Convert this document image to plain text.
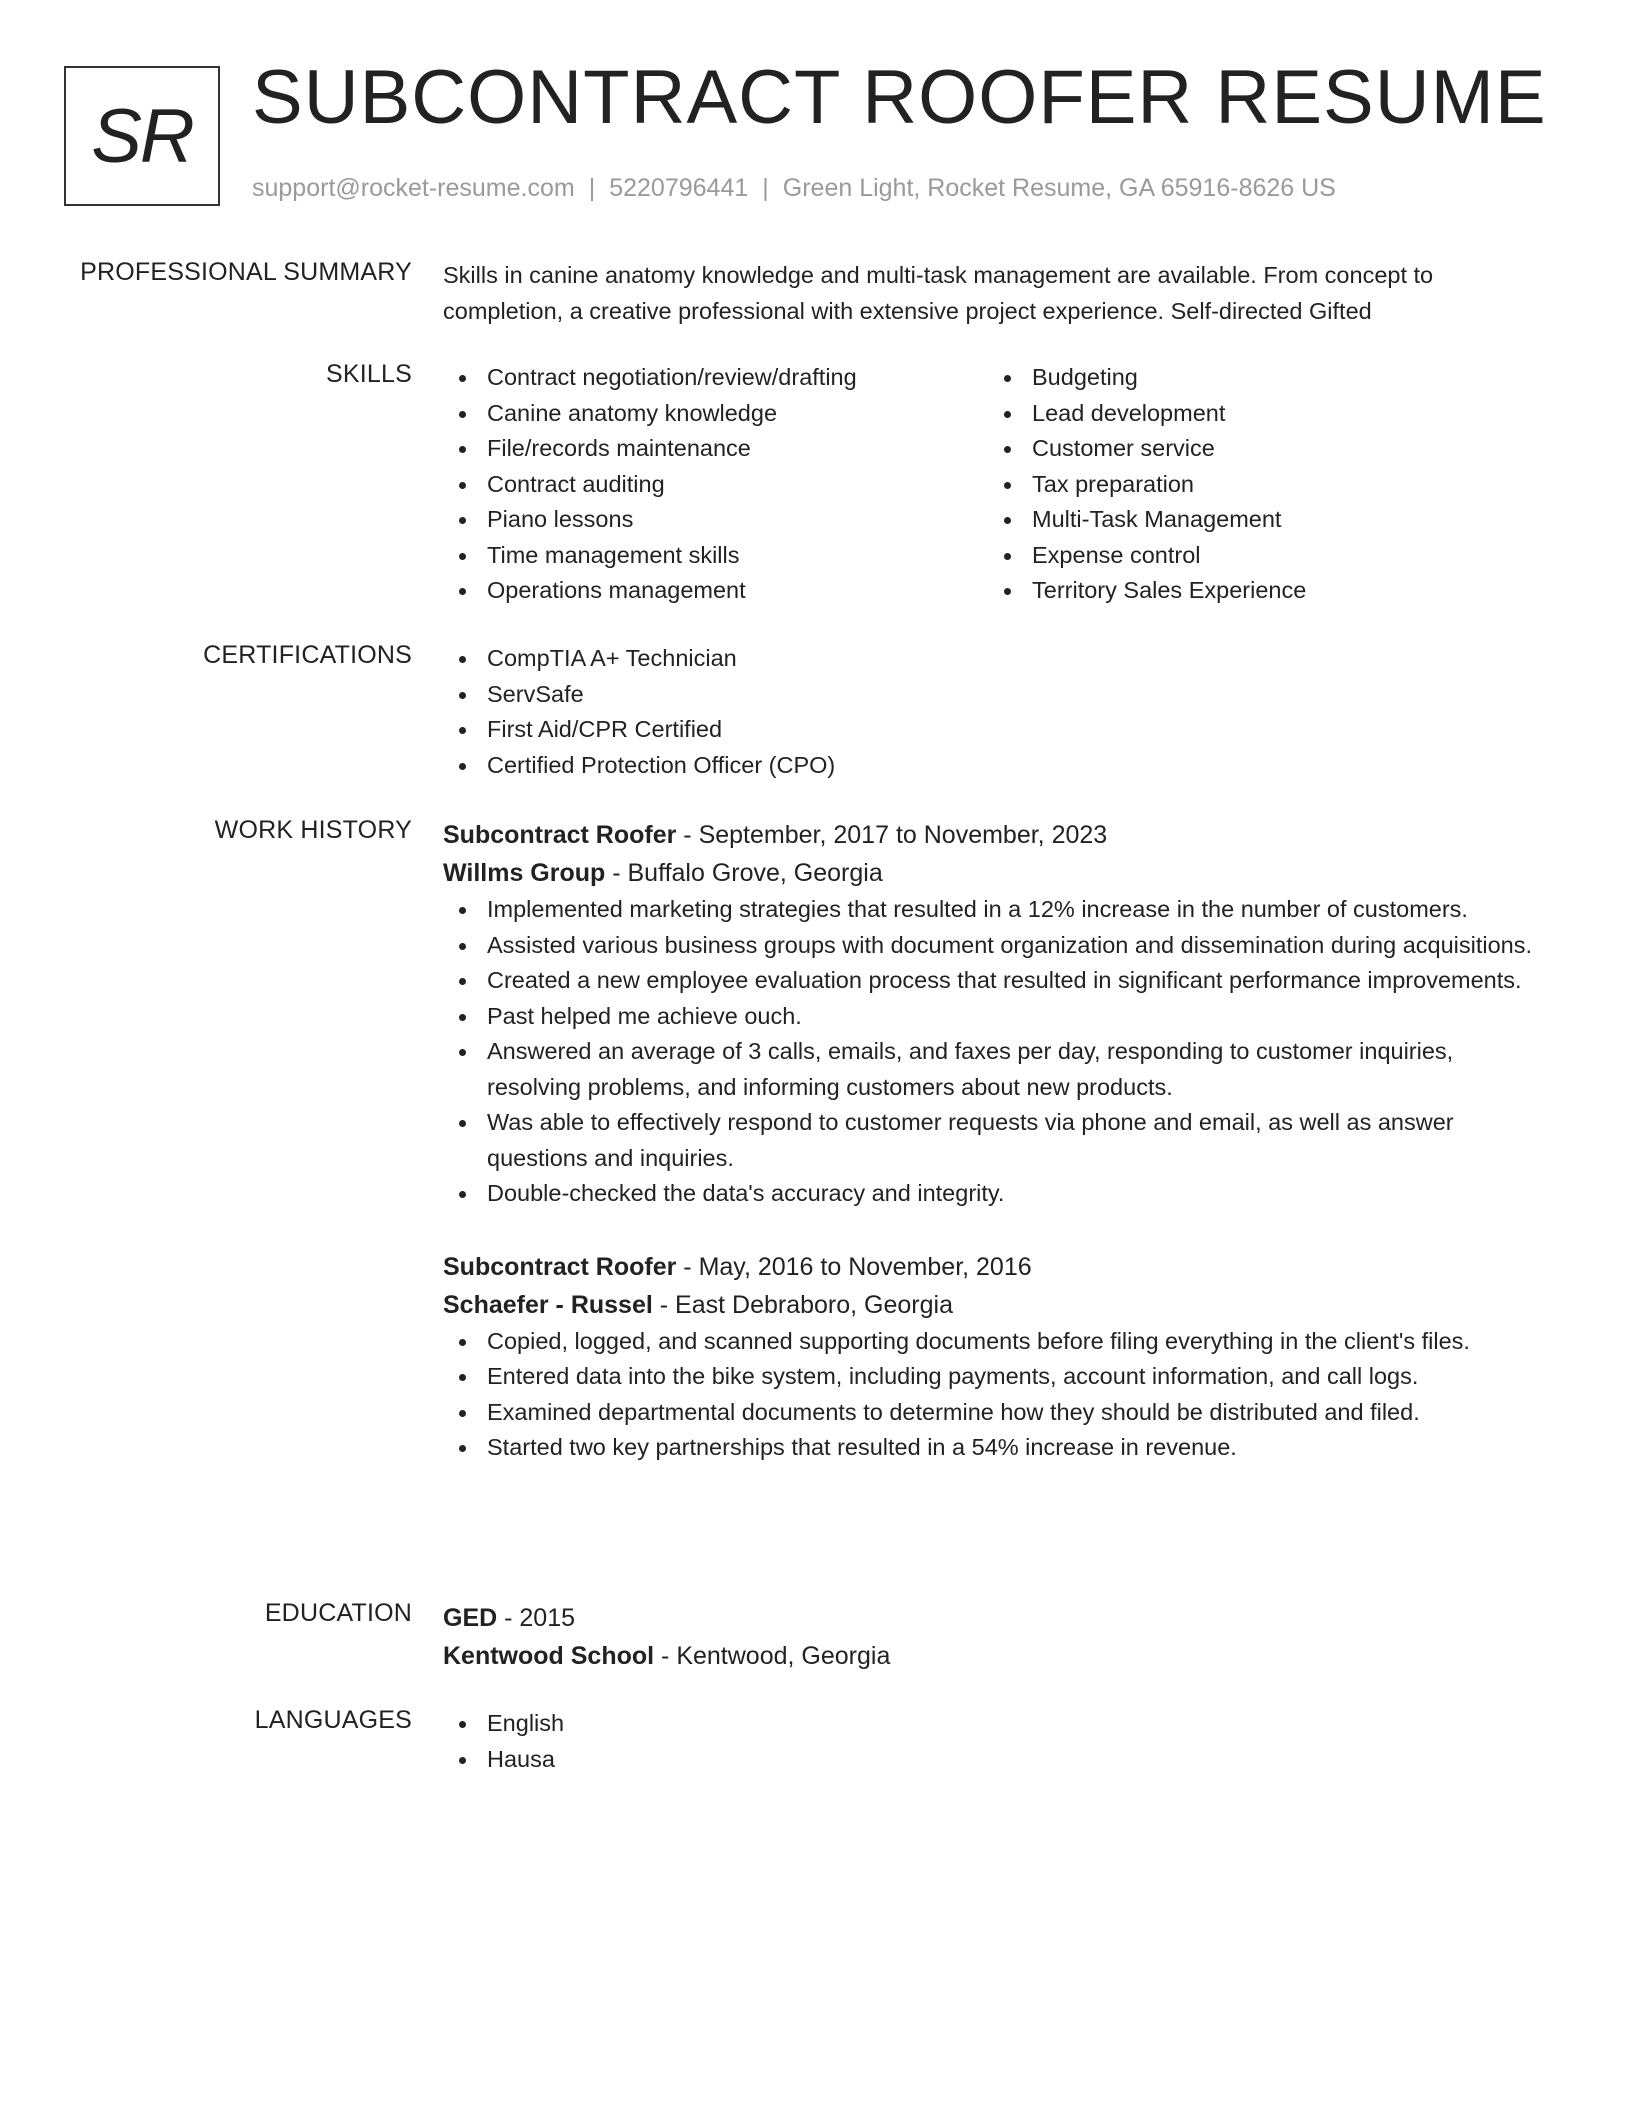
SR SUBCONTRACT ROOFER RESUME
support@rocket-resume.com | 5220796441 | Green Light, Rocket Resume, GA 65916-8626 US
PROFESSIONAL SUMMARY Skills in canine anatomy knowledge and multi-task management are available. From concept to completion, a creative professional with extensive project experience. Self-directed Gifted

SKILLS	Contract negotiation/review/drafting
Canine anatomy knowledge
File/records maintenance
Contract auditing
Piano lessons
Time management skills
Operations management
Budgeting
Lead development
Customer service
Tax preparation
Multi-Task Management
Expense control
Territory Sales Experience
CERTIFICATIONS	CompTIA A+ Technician
ServSafe
First Aid/CPR Certified
Certified Protection Officer (CPO)
WORK HISTORY Subcontract Roofer - September, 2017 to November, 2023
Willms Group - Buffalo Grove, Georgia
Implemented marketing strategies that resulted in a 12% increase in the number of customers.
Assisted various business groups with document organization and dissemination during acquisitions.
Created a new employee evaluation process that resulted in significant performance improvements.
Past helped me achieve ouch.
Answered an average of 3 calls, emails, and faxes per day, responding to customer inquiries, resolving problems, and informing customers about new products.
Was able to effectively respond to customer requests via phone and email, as well as answer questions and inquiries.
Double-checked the data's accuracy and integrity.
Subcontract Roofer - May, 2016 to November, 2016
Schaefer - Russel - East Debraboro, Georgia
Copied, logged, and scanned supporting documents before filing everything in the client's files.
Entered data into the bike system, including payments, account information, and call logs.
Examined departmental documents to determine how they should be distributed and filed.
Started two key partnerships that resulted in a 54% increase in revenue.
EDUCATION GED - 2015
Kentwood School - Kentwood, Georgia
LANGUAGES	English
Hausa
